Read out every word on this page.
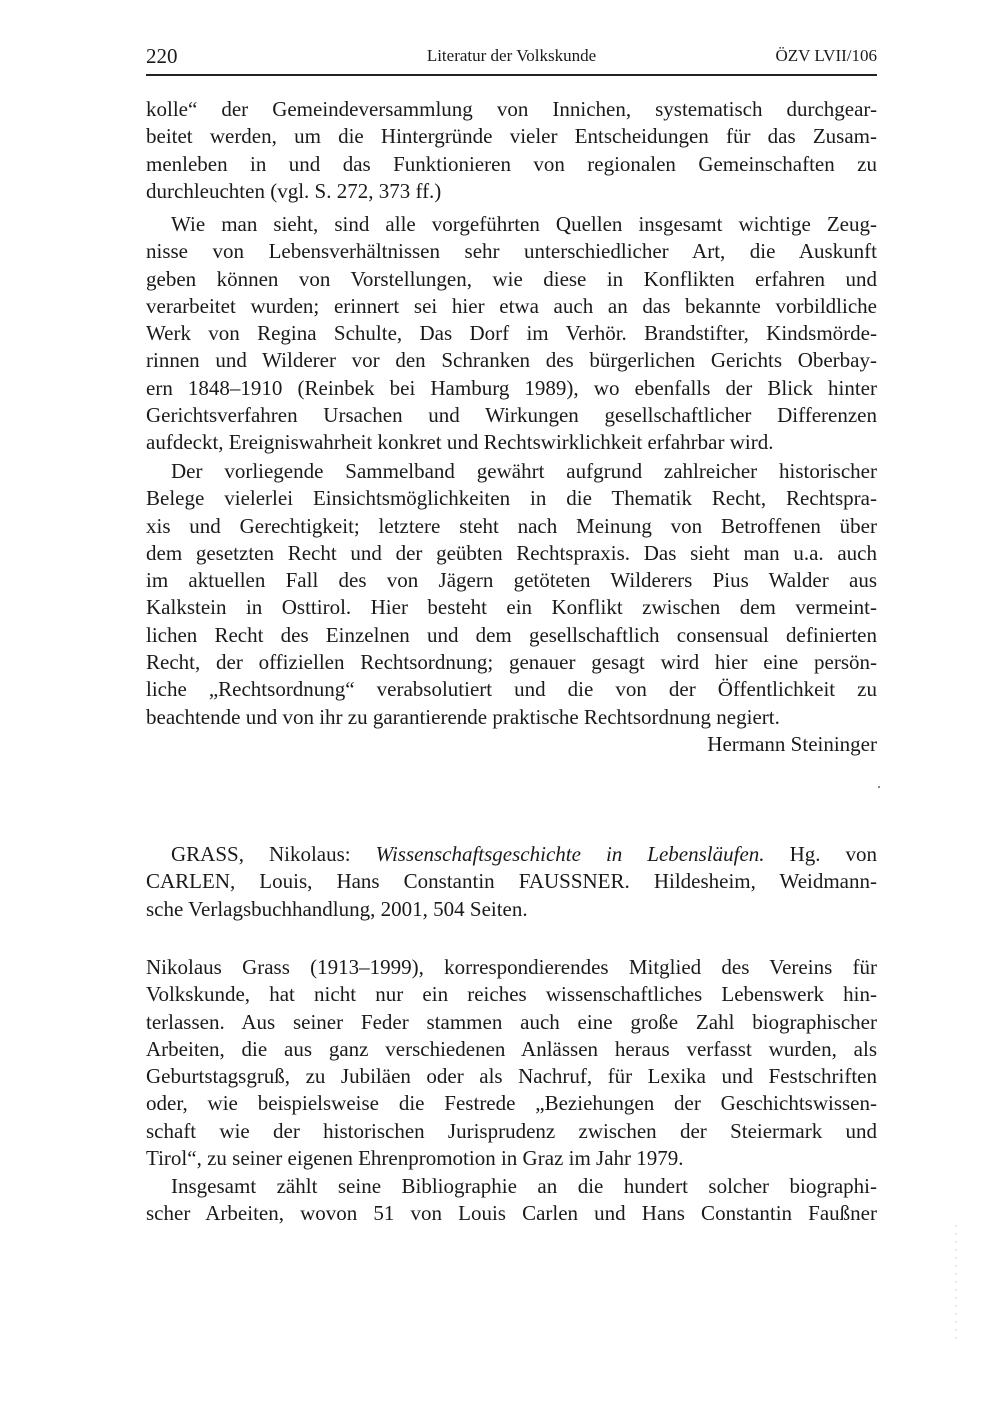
220	Literatur der Volkskunde	ÖZV LVII/106
kolle“ der Gemeindeversammlung von Innichen, systematisch durchgear-
beitet werden, um die Hintergründe vieler Entscheidungen für das Zusam-
menleben in und das Funktionieren von regionalen Gemeinschaften zu
durchleuchten (vgl. S. 272, 373 ff.)
Wie man sieht, sind alle vorgeführten Quellen insgesamt wichtige Zeug-
nisse von Lebensverhältnissen sehr unterschiedlicher Art, die Auskunft
geben können von Vorstellungen, wie diese in Konflikten erfahren und
verarbeitet wurden; erinnert sei hier etwa auch an das bekannte vorbildliche
Werk von Regina Schulte, Das Dorf im Verhör. Brandstifter, Kindsmörde-
rinnen und Wilderer vor den Schranken des bürgerlichen Gerichts Oberbay-
ern 1848–1910 (Reinbek bei Hamburg 1989), wo ebenfalls der Blick hinter
Gerichtsverfahren Ursachen und Wirkungen gesellschaftlicher Differenzen
aufdeckt, Ereigniswahrheit konkret und Rechtswirklichkeit erfahrbar wird.
Der vorliegende Sammelband gewährt aufgrund zahlreicher historischer
Belege vielerlei Einsichtsmöglichkeiten in die Thematik Recht, Rechtspra-
xis und Gerechtigkeit; letztere steht nach Meinung von Betroffenen über
dem gesetzten Recht und der geübten Rechtspraxis. Das sieht man u.a. auch
im aktuellen Fall des von Jägern getöteten Wilderers Pius Walder aus
Kalkstein in Osttirol. Hier besteht ein Konflikt zwischen dem vermeint-
lichen Recht des Einzelnen und dem gesellschaftlich consensual definierten
Recht, der offiziellen Rechtsordnung; genauer gesagt wird hier eine persön-
liche „Rechtsordnung“ verabsolutiert und die von der Öffentlichkeit zu
beachtende und von ihr zu garantierende praktische Rechtsordnung negiert.
Hermann Steininger
GRASS, Nikolaus: Wissenschaftsgeschichte in Lebensläufen. Hg. von
CARLEN, Louis, Hans Constantin FAUSSNER. Hildesheim, Weidmann-
sche Verlagsbuchhandlung, 2001, 504 Seiten.
Nikolaus Grass (1913–1999), korrespondierendes Mitglied des Vereins für
Volkskunde, hat nicht nur ein reiches wissenschaftliches Lebenswerk hin-
terlassen. Aus seiner Feder stammen auch eine große Zahl biographischer
Arbeiten, die aus ganz verschiedenen Anlässen heraus verfasst wurden, als
Geburtstagsgruß, zu Jubiläen oder als Nachruf, für Lexika und Festschriften
oder, wie beispielsweise die Festrede „Beziehungen der Geschichtswissen-
schaft wie der historischen Jurisprudenz zwischen der Steiermark und
Tirol“, zu seiner eigenen Ehrenpromotion in Graz im Jahr 1979.
Insgesamt zählt seine Bibliographie an die hundert solcher biographi-
scher Arbeiten, wovon 51 von Louis Carlen und Hans Constantin Faußner
